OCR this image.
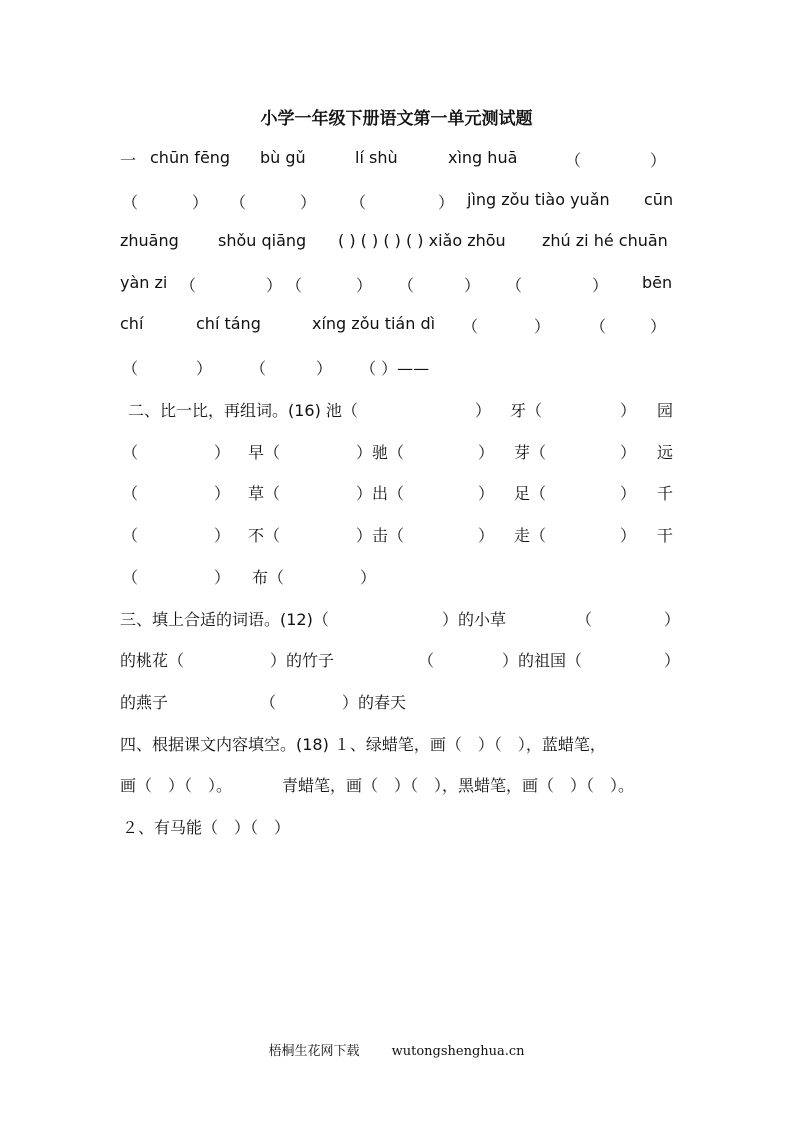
小学一年级下册语文第一单元测试题
一 chūn fēng bù gǔ	lí shù	xìng huā	（	）
（	） （	） （	） jìng zǒu tiào yuǎn cūn
zhuāng shǒu qiāng ( ) ( ) ( ) ( ) xiǎo zhōu zhú zi hé chuān
yàn zi （	） （	） （	） （	） bēn
chí	chí táng	xíng zǒu tián dì （	） （	）
（	） （	） （ ）——
二、比一比，再组词。(16) 池（	） 牙（	） 园
（	） 早（	）驰（	） 芽（	） 远
（	） 草（	）出（	） 足（	） 千
（	） 不（	）击（	） 走（	） 干
（	） 布（	）
三、填上合适的词语。(12)（	）的小草	（	）
的桃花（	）的竹子	（	）的祖国（	）
的燕子	（	）的春天
四、根据课文内容填空。(18) １、绿蜡笔，画（　）（　），蓝蜡笔，
画（　）（　）。	青蜡笔，画（　）（　），黑蜡笔，画（　）（　）。
２、有马能（　）（　）
梧桐生花网下载 wutongshenghua.cn
